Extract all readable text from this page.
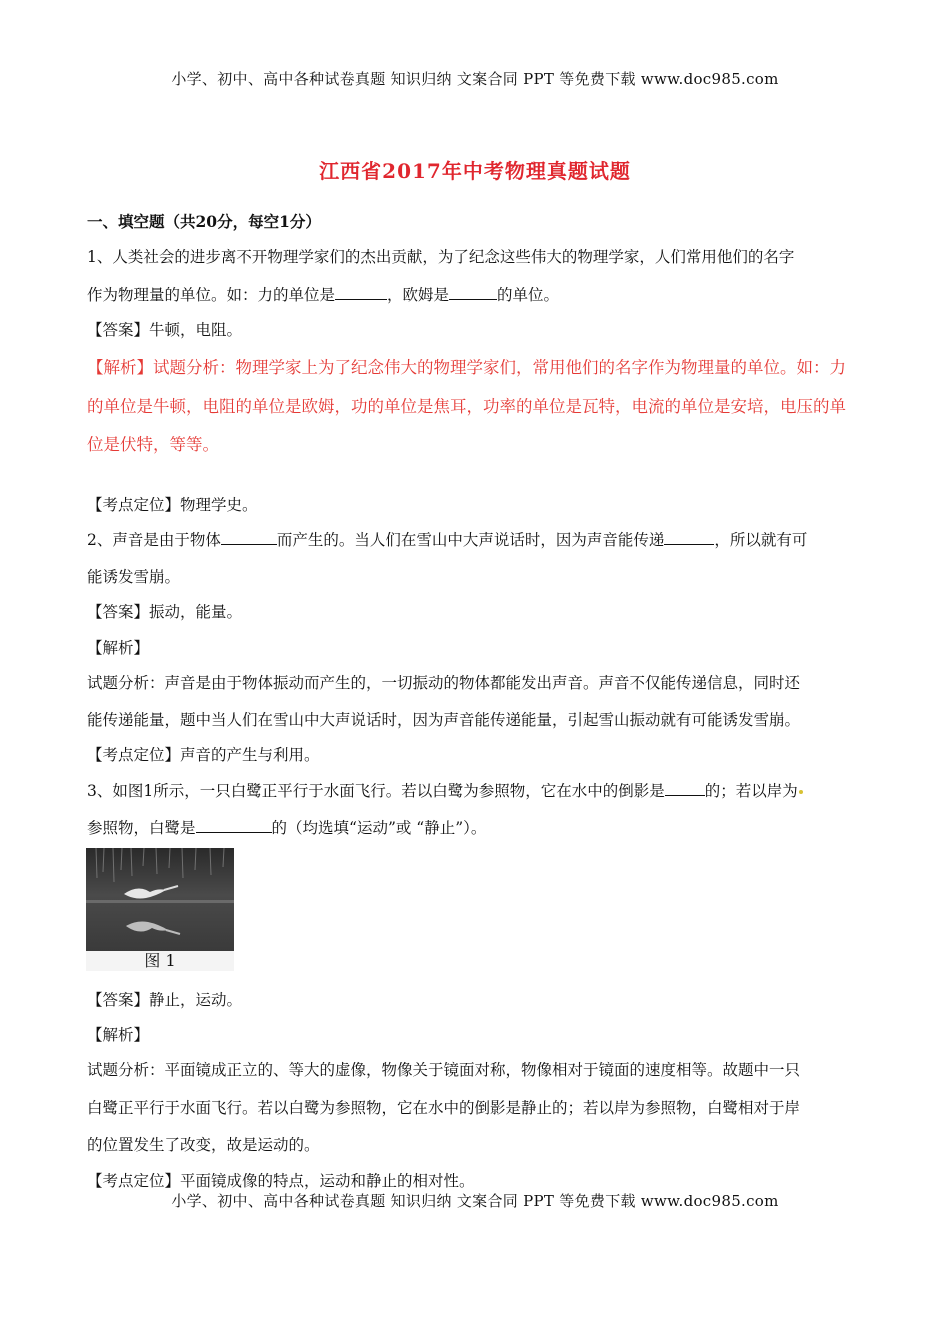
小学、初中、高中各种试卷真题 知识归纳 文案合同 PPT 等免费下载 www.doc985.com
江西省2017年中考物理真题试题
一、填空题（共20分，每空1分）
1、人类社会的进步离不开物理学家们的杰出贡献，为了纪念这些伟大的物理学家，人们常用他们的名字
作为物理量的单位。如：力的单位是	，欧姆是	的单位。
【答案】牛顿，电阻。
【解析】试题分析：物理学家上为了纪念伟大的物理学家们，常用他们的名字作为物理量的单位。如：力
的单位是牛顿，电阻的单位是欧姆，功的单位是焦耳，功率的单位是瓦特，电流的单位是安培，电压的单
位是伏特，等等。
【考点定位】物理学史。
2、声音是由于物体	而产生的。当人们在雪山中大声说话时，因为声音能传递	，所以就有可
能诱发雪崩。
【答案】振动，能量。
【解析】
试题分析：声音是由于物体振动而产生的，一切振动的物体都能发出声音。声音不仅能传递信息，同时还
能传递能量，题中当人们在雪山中大声说话时，因为声音能传递能量，引起雪山振动就有可能诱发雪崩。
【考点定位】声音的产生与利用。
3、如图1所示，一只白鹭正平行于水面飞行。若以白鹭为参照物，它在水中的倒影是	的；若以岸为
参照物，白鹭是	的（均选填“运动”或 “静止”）。
图 1
【答案】静止，运动。
【解析】
试题分析：平面镜成正立的、等大的虚像，物像关于镜面对称，物像相对于镜面的速度相等。故题中一只
白鹭正平行于水面飞行。若以白鹭为参照物，它在水中的倒影是静止的；若以岸为参照物，白鹭相对于岸
的位置发生了改变，故是运动的。
【考点定位】平面镜成像的特点，运动和静止的相对性。
小学、初中、高中各种试卷真题 知识归纳 文案合同 PPT 等免费下载 www.doc985.com
